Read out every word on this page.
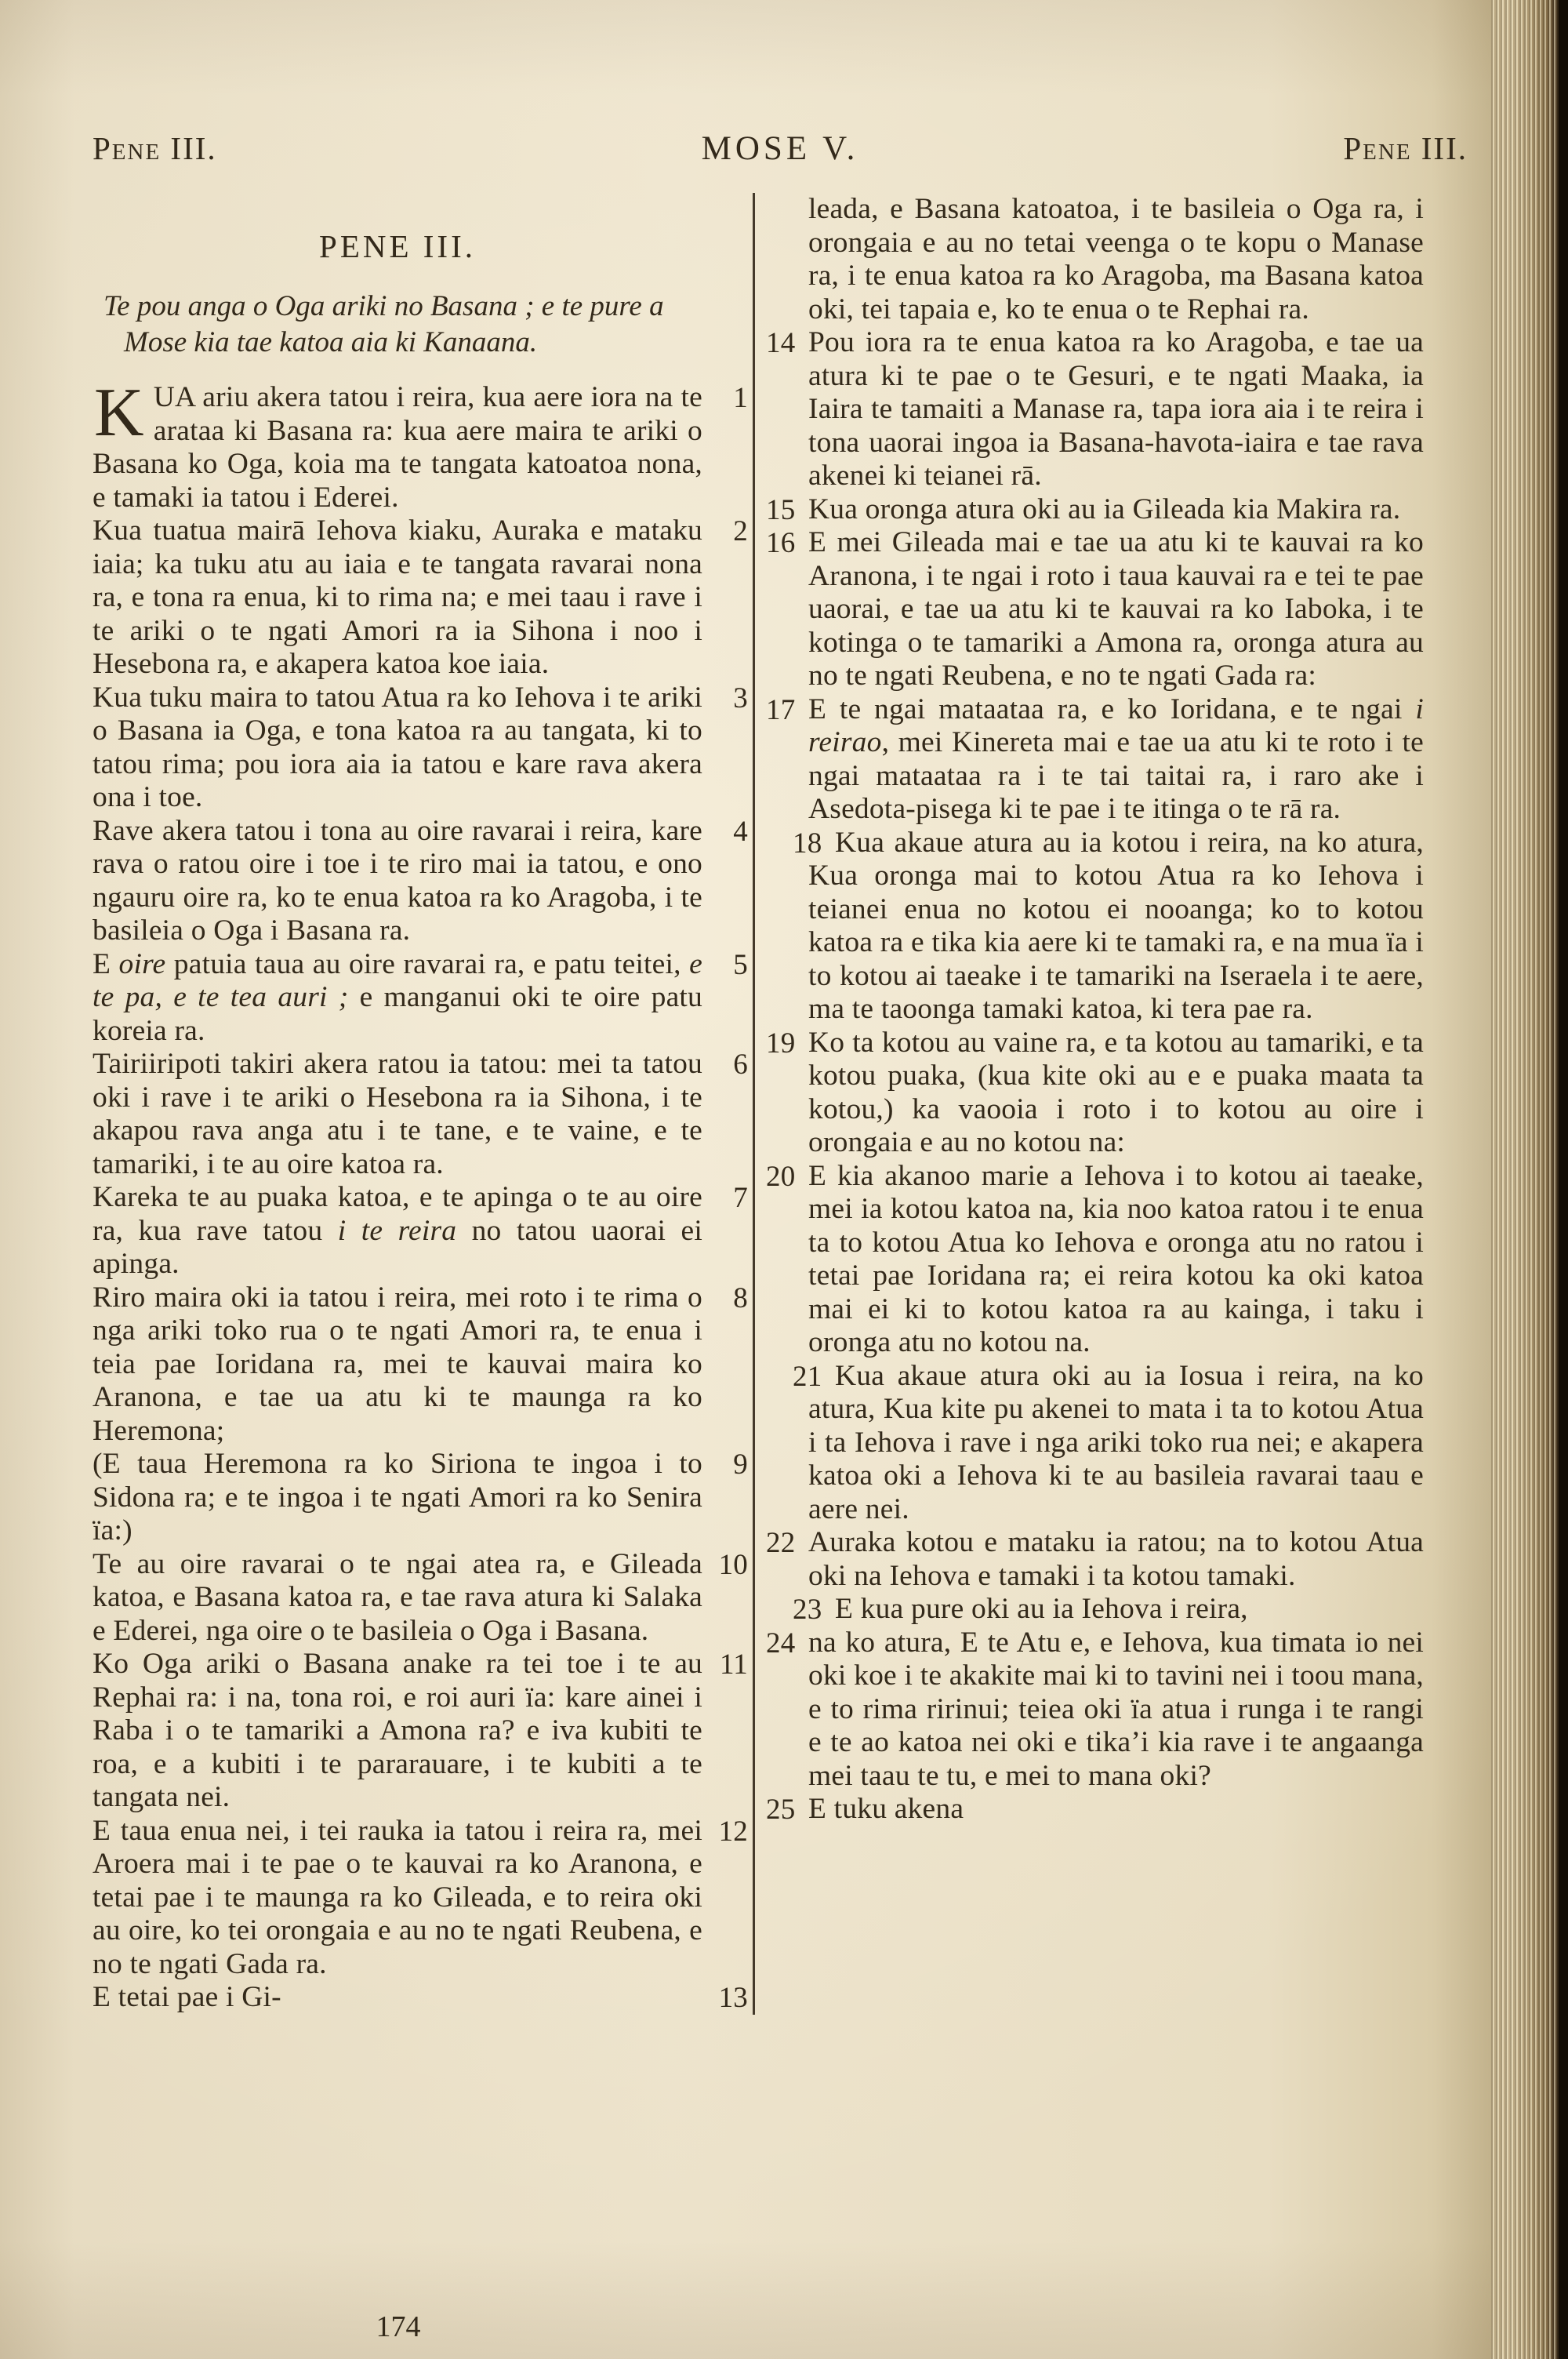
Pene III.	MOSE V.	Pene III.
PENE III.
Te pou anga o Oga ariki no Basana ; e te pure a Mose kia tae katoa aia ki Kanaana.
1
K UA ariu akera tatou i reira, kua aere iora na te arataa ki Basana ra: kua aere maira te ariki o Basana ko Oga, koia ma te tangata katoatoa nona, e tamaki ia tatou i Ederei.
2
Kua tuatua mairā Iehova kiaku, Auraka e mataku iaia; ka tuku atu au iaia e te tangata ravarai nona ra, e tona ra enua, ki to rima na; e mei taau i rave i te ariki o te ngati Amori ra ia Sihona i noo i Hesebona ra, e akapera katoa koe iaia.
3
Kua tuku maira to tatou Atua ra ko Iehova i te ariki o Basana ia Oga, e tona katoa ra au tangata, ki to tatou rima; pou iora aia ia tatou e kare rava akera ona i toe.
4
Rave akera tatou i tona au oire ravarai i reira, kare rava o ratou oire i toe i te riro mai ia tatou, e ono ngauru oire ra, ko te enua katoa ra ko Aragoba, i te basileia o Oga i Basana ra.
5
E oire patuia taua au oire ravarai ra, e patu teitei, e te pa, e te tea auri ; e manganui oki te oire patu koreia ra.
6
Tairiiripoti takiri akera ratou ia tatou: mei ta tatou oki i rave i te ariki o Hesebona ra ia Sihona, i te akapou rava anga atu i te tane, e te vaine, e te tamariki, i te au oire katoa ra.
7
Kareka te au puaka katoa, e te apinga o te au oire ra, kua rave tatou i te reira no tatou uaorai ei apinga.
8
Riro maira oki ia tatou i reira, mei roto i te rima o nga ariki toko rua o te ngati Amori ra, te enua i teia pae Ioridana ra, mei te kauvai maira ko Aranona, e tae ua atu ki te maunga ra ko Heremona;
9
(E taua Heremona ra ko Siriona te ingoa i to Sidona ra; e te ingoa i te ngati Amori ra ko Senira ïa:)
10
Te au oire ravarai o te ngai atea ra, e Gileada katoa, e Basana katoa ra, e tae rava atura ki Salaka e Ederei, nga oire o te basileia o Oga i Basana.
11
Ko Oga ariki o Basana anake ra tei toe i te au Rephai ra: i na, tona roi, e roi auri ïa: kare ainei i Raba i o te tamariki a Amona ra? e iva kubiti te roa, e a kubiti i te pararauare, i te kubiti a te tangata nei.
12
E taua enua nei, i tei rauka ia tatou i reira ra, mei Aroera mai i te pae o te kauvai ra ko Aranona, e tetai pae i te maunga ra ko Gileada, e to reira oki au oire, ko tei orongaia e au no te ngati Reubena, e no te ngati Gada ra.
13
E tetai pae i Gi-
leada, e Basana katoatoa, i te basileia o Oga ra, i orongaia e au no tetai veenga o te kopu o Manase ra, i te enua katoa ra ko Aragoba, ma Basana katoa oki, tei tapaia e, ko te enua o te Rephai ra.
14 Pou iora ra te enua katoa ra ko Aragoba, e tae ua atura ki te pae o te Gesuri, e te ngati Maaka, ia Iaira te tamaiti a Manase ra, tapa iora aia i te reira i tona uaorai ingoa ia Basana-havota-iaira e tae rava akenei ki teianei rā.
15 Kua oronga atura oki au ia Gileada kia Makira ra.
16 E mei Gileada mai e tae ua atu ki te kauvai ra ko Aranona, i te ngai i roto i taua kauvai ra e tei te pae uaorai, e tae ua atu ki te kauvai ra ko Iaboka, i te kotinga o te tamariki a Amona ra, oronga atura au no te ngati Reubena, e no te ngati Gada ra:
17 E te ngai mataataa ra, e ko Ioridana, e te ngai i reirao, mei Kinereta mai e tae ua atu ki te roto i te ngai mataataa ra i te tai taitai ra, i raro ake i Asedota-pisega ki te pae i te itinga o te rā ra.
18 Kua akaue atura au ia kotou i reira, na ko atura, Kua oronga mai to kotou Atua ra ko Iehova i teianei enua no kotou ei nooanga; ko to kotou katoa ra e tika kia aere ki te tamaki ra, e na mua ïa i to kotou ai taeake i te tamariki na Iseraela i te aere, ma te taoonga tamaki katoa, ki tera pae ra.
19 Ko ta kotou au vaine ra, e ta kotou au tamariki, e ta kotou puaka, (kua kite oki au e e puaka maata ta kotou,) ka vaooia i roto i to kotou au oire i orongaia e au no kotou na:
20 E kia akanoo marie a Iehova i to kotou ai taeake, mei ia kotou katoa na, kia noo katoa ratou i te enua ta to kotou Atua ko Iehova e oronga atu no ratou i tetai pae Ioridana ra; ei reira kotou ka oki katoa mai ei ki to kotou katoa ra au kainga, i taku i oronga atu no kotou na.
21 Kua akaue atura oki au ia Iosua i reira, na ko atura, Kua kite pu akenei to mata i ta to kotou Atua i ta Iehova i rave i nga ariki toko rua nei; e akapera katoa oki a Iehova ki te au basileia ravarai taau e aere nei.
22 Auraka kotou e mataku ia ratou; na to kotou Atua oki na Iehova e tamaki i ta kotou tamaki.
23 E kua pure oki au ia Iehova i reira,
24 na ko atura, E te Atu e, e Iehova, kua timata io nei oki koe i te akakite mai ki to tavini nei i toou mana, e to rima ririnui; teiea oki ïa atua i runga i te rangi e te ao katoa nei oki e tika’i kia rave i te angaanga mei taau te tu, e mei to mana oki?
25 E tuku akena
174
